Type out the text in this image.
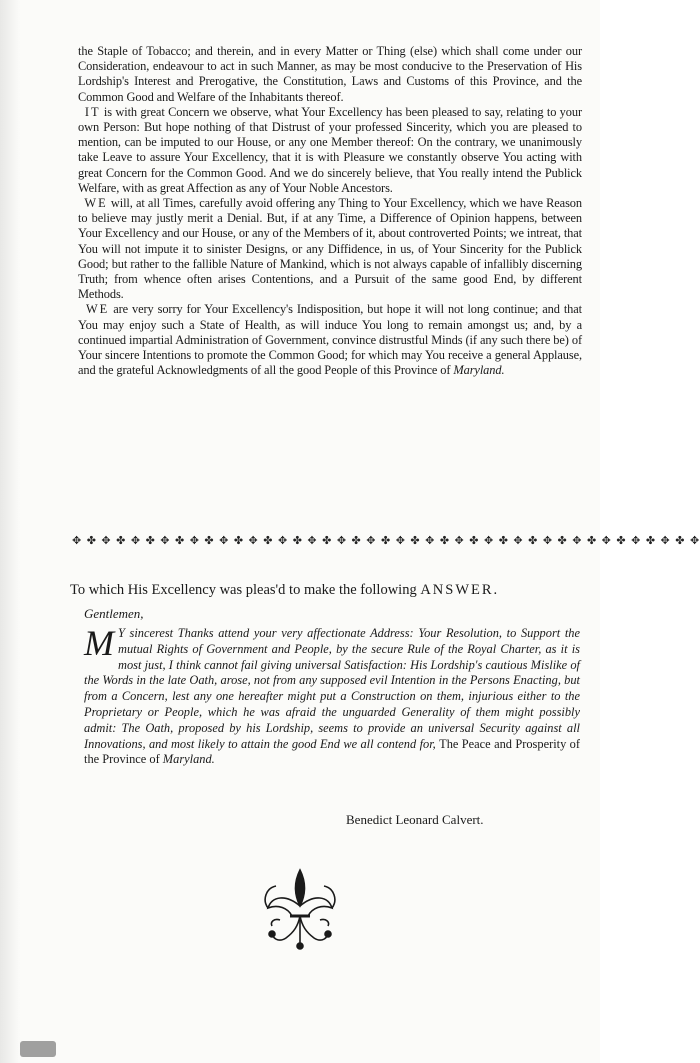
the Staple of Tobacco; and therein, and in every Matter or Thing (else) which shall come under our Consideration, endeavour to act in such Manner, as may be most conducive to the Preservation of His Lordship's Interest and Prerogative, the Constitution, Laws and Customs of this Province, and the Common Good and Welfare of the Inhabitants thereof.

IT is with great Concern we observe, what Your Excellency has been pleased to say, relating to your own Person: But hope nothing of that Distrust of your professed Sincerity, which you are pleased to mention, can be imputed to our House, or any one Member thereof: On the contrary, we unanimously take Leave to assure Your Excellency, that it is with Pleasure we constantly observe You acting with great Concern for the Common Good. And we do sincerely believe, that You really intend the Publick Welfare, with as great Affection as any of Your Noble Ancestors.

WE will, at all Times, carefully avoid offering any Thing to Your Excellency, which we have Reason to believe may justly merit a Denial. But, if at any Time, a Difference of Opinion happens, between Your Excellency and our House, or any of the Members of it, about controverted Points; we intreat, that You will not impute it to sinister Designs, or any Diffidence, in us, of Your Sincerity for the Publick Good; but rather to the fallible Nature of Mankind, which is not always capable of infallibly discerning Truth; from whence often arises Contentions, and a Pursuit of the same good End, by different Methods.

WE are very sorry for Your Excellency's Indisposition, but hope it will not long continue; and that You may enjoy such a State of Health, as will induce You long to remain amongst us; and, by a continued impartial Administration of Government, convince distrustful Minds (if any such there be) of Your sincere Intentions to promote the Common Good; for which may You receive a general Applause, and the grateful Acknowledgments of all the good People of this Province of Maryland.

✥ ✤ ✥ ✤ ✥ ✤ ✥ ✤ ✥ ✤ ✥ ✤ ✥ ✤ ✥ ✤ ✥ ✤ ✥ ✤ ✥ ✤ ✥ ✤ ✥ ✤ ✥ ✤ ✥ ✤ ✥ ✤ ✥ ✤ ✥ ✤ ✥ ✤ ✥ ✤ ✥ ✤ ✥
To which His Excellency was pleas'd to make the following ANSWER.
Gentlemen,
M Y sincerest Thanks attend your very affectionate Address: Your Resolution, to Support the mutual Rights of Government and People, by the secure Rule of the Royal Charter, as it is most just, I think cannot fail giving universal Satisfaction: His Lordship's cautious Mislike of the Words in the late Oath, arose, not from any supposed evil Intention in the Persons Enacting, but from a Concern, lest any one hereafter might put a Construction on them, injurious either to the Proprietary or People, which he was afraid the unguarded Generality of them might possibly admit: The Oath, proposed by his Lordship, seems to provide an universal Security against all Innovations, and most likely to attain the good End we all contend for, The Peace and Prosperity of the Province of Maryland.
Benedict Leonard Calvert.
